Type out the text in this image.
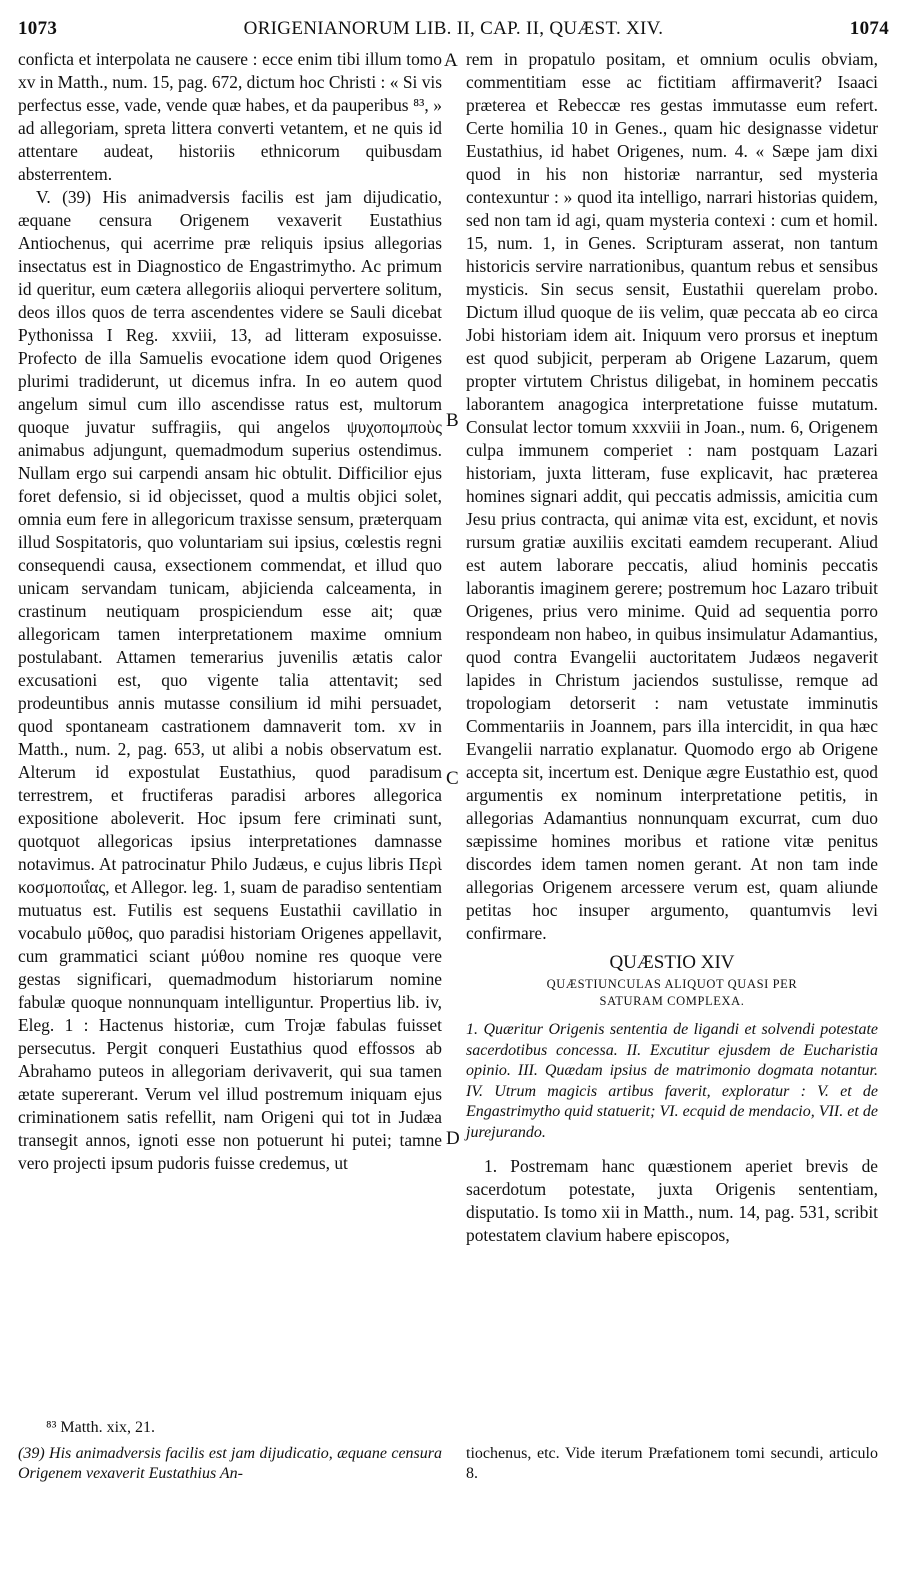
1073	ORIGENIANORUM LIB. II, CAP. II, QUÆST. XIV.	1074
A
B
C
D

conficta et interpolata ne causere : ecce enim tibi illum tomo xv in Matth., num. 15, pag. 672, dictum hoc Christi : « Si vis perfectus esse, vade, vende quæ habes, et da pauperibus ⁸³, » ad allegoriam, spreta littera converti vetantem, et ne quis id attentare audeat, historiis ethnicorum quibusdam absterrentem.

V. (39) His animadversis facilis est jam dijudicatio, æquane censura Origenem vexaverit Eustathius Antiochenus, qui acerrime præ reliquis ipsius allegorias insectatus est in Diagnostico de Engastrimytho. Ac primum id queritur, eum cætera allegoriis alioqui pervertere solitum, deos illos quos de terra ascendentes videre se Sauli dicebat Pythonissa I Reg. xxviii, 13, ad litteram exposuisse. Profecto de illa Samuelis evocatione idem quod Origenes plurimi tradiderunt, ut dicemus infra. In eo autem quod angelum simul cum illo ascendisse ratus est, multorum quoque juvatur suffragiis, qui angelos ψυχοπομποὺς animabus adjungunt, quemadmodum superius ostendimus. Nullam ergo sui carpendi ansam hic obtulit. Difficilior ejus foret defensio, si id objecisset, quod a multis objici solet, omnia eum fere in allegoricum traxisse sensum, præterquam illud Sospitatoris, quo voluntariam sui ipsius, cœlestis regni consequendi causa, exsectionem commendat, et illud quo unicam servandam tunicam, abjicienda calceamenta, in crastinum neutiquam prospiciendum esse ait; quæ allegoricam tamen interpretationem maxime omnium postulabant. Attamen temerarius juvenilis ætatis calor excusationi est, quo vigente talia attentavit; sed prodeuntibus annis mutasse consilium id mihi persuadet, quod spontaneam castrationem damnaverit tom. xv in Matth., num. 2, pag. 653, ut alibi a nobis observatum est. Alterum id expostulat Eustathius, quod paradisum terrestrem, et fructiferas paradisi arbores allegorica expositione aboleverit. Hoc ipsum fere criminati sunt, quotquot allegoricas ipsius interpretationes damnasse notavimus. At patrocinatur Philo Judæus, e cujus libris Περὶ κοσμοποιΐας, et Allegor. leg. 1, suam de paradiso sententiam mutuatus est. Futilis est sequens Eustathii cavillatio in vocabulo μῦθος, quo paradisi historiam Origenes appellavit, cum grammatici sciant μύθου nomine res quoque vere gestas significari, quemadmodum historiarum nomine fabulæ quoque nonnunquam intelliguntur. Propertius lib. iv, Eleg. 1 : Hactenus historiæ, cum Trojæ fabulas fuisset persecutus. Pergit conqueri Eustathius quod effossos ab Abrahamo puteos in allegoriam derivaverit, qui sua tamen ætate supererant. Verum vel illud postremum iniquam ejus criminationem satis refellit, nam Origeni qui tot in Judæa transegit annos, ignoti esse non potuerunt hi putei; tamne vero projecti ipsum pudoris fuisse credemus, ut

rem in propatulo positam, et omnium oculis obviam, commentitiam esse ac fictitiam affirmaverit? Isaaci præterea et Rebeccæ res gestas immutasse eum refert. Certe homilia 10 in Genes., quam hic designasse videtur Eustathius, id habet Origenes, num. 4. « Sæpe jam dixi quod in his non historiæ narrantur, sed mysteria contexuntur : » quod ita intelligo, narrari historias quidem, sed non tam id agi, quam mysteria contexi : cum et homil. 15, num. 1, in Genes. Scripturam asserat, non tantum historicis servire narrationibus, quantum rebus et sensibus mysticis. Sin secus sensit, Eustathii querelam probo. Dictum illud quoque de iis velim, quæ peccata ab eo circa Jobi historiam idem ait. Iniquum vero prorsus et ineptum est quod subjicit, perperam ab Origene Lazarum, quem propter virtutem Christus diligebat, in hominem peccatis laborantem anagogica interpretatione fuisse mutatum. Consulat lector tomum xxxviii in Joan., num. 6, Origenem culpa immunem comperiet : nam postquam Lazari historiam, juxta litteram, fuse explicavit, hac præterea homines signari addit, qui peccatis admissis, amicitia cum Jesu prius contracta, qui animæ vita est, excidunt, et novis rursum gratiæ auxiliis excitati eamdem recuperant. Aliud est autem laborare peccatis, aliud hominis peccatis laborantis imaginem gerere; postremum hoc Lazaro tribuit Origenes, prius vero minime. Quid ad sequentia porro respondeam non habeo, in quibus insimulatur Adamantius, quod contra Evangelii auctoritatem Judæos negaverit lapides in Christum jaciendos sustulisse, remque ad tropologiam detorserit : nam vetustate imminutis Commentariis in Joannem, pars illa intercidit, in qua hæc Evangelii narratio explanatur. Quomodo ergo ab Origene accepta sit, incertum est. Denique ægre Eustathio est, quod argumentis ex nominum interpretatione petitis, in allegorias Adamantius nonnunquam excurrat, cum duo sæpissime homines moribus et ratione vitæ penitus discordes idem tamen nomen gerant. At non tam inde allegorias Origenem arcessere verum est, quam aliunde petitas hoc insuper argumento, quantumvis levi confirmare.

QUÆSTIO XIV

QUÆSTIUNCULAS ALIQUOT QUASI PER
SATURAM COMPLEXA.

1. Quæritur Origenis sententia de ligandi et solvendi potestate sacerdotibus concessa. II. Excutitur ejusdem de Eucharistia opinio. III. Quædam ipsius de matrimonio dogmata notantur. IV. Utrum magicis artibus faverit, exploratur : V. et de Engastrimytho quid statuerit; VI. ecquid de mendacio, VII. et de jurejurando.

1. Postremam hanc quæstionem aperiet brevis de sacerdotum potestate, juxta Origenis sententiam, disputatio. Is tomo xii in Matth., num. 14, pag. 531, scribit potestatem clavium habere episcopos,

⁸³ Matth. xix, 21.

(39) His animadversis facilis est jam dijudicatio, æquane censura Origenem vexaverit Eustathius An-
tiochenus, etc. Vide iterum Præfationem tomi secundi, articulo 8.
